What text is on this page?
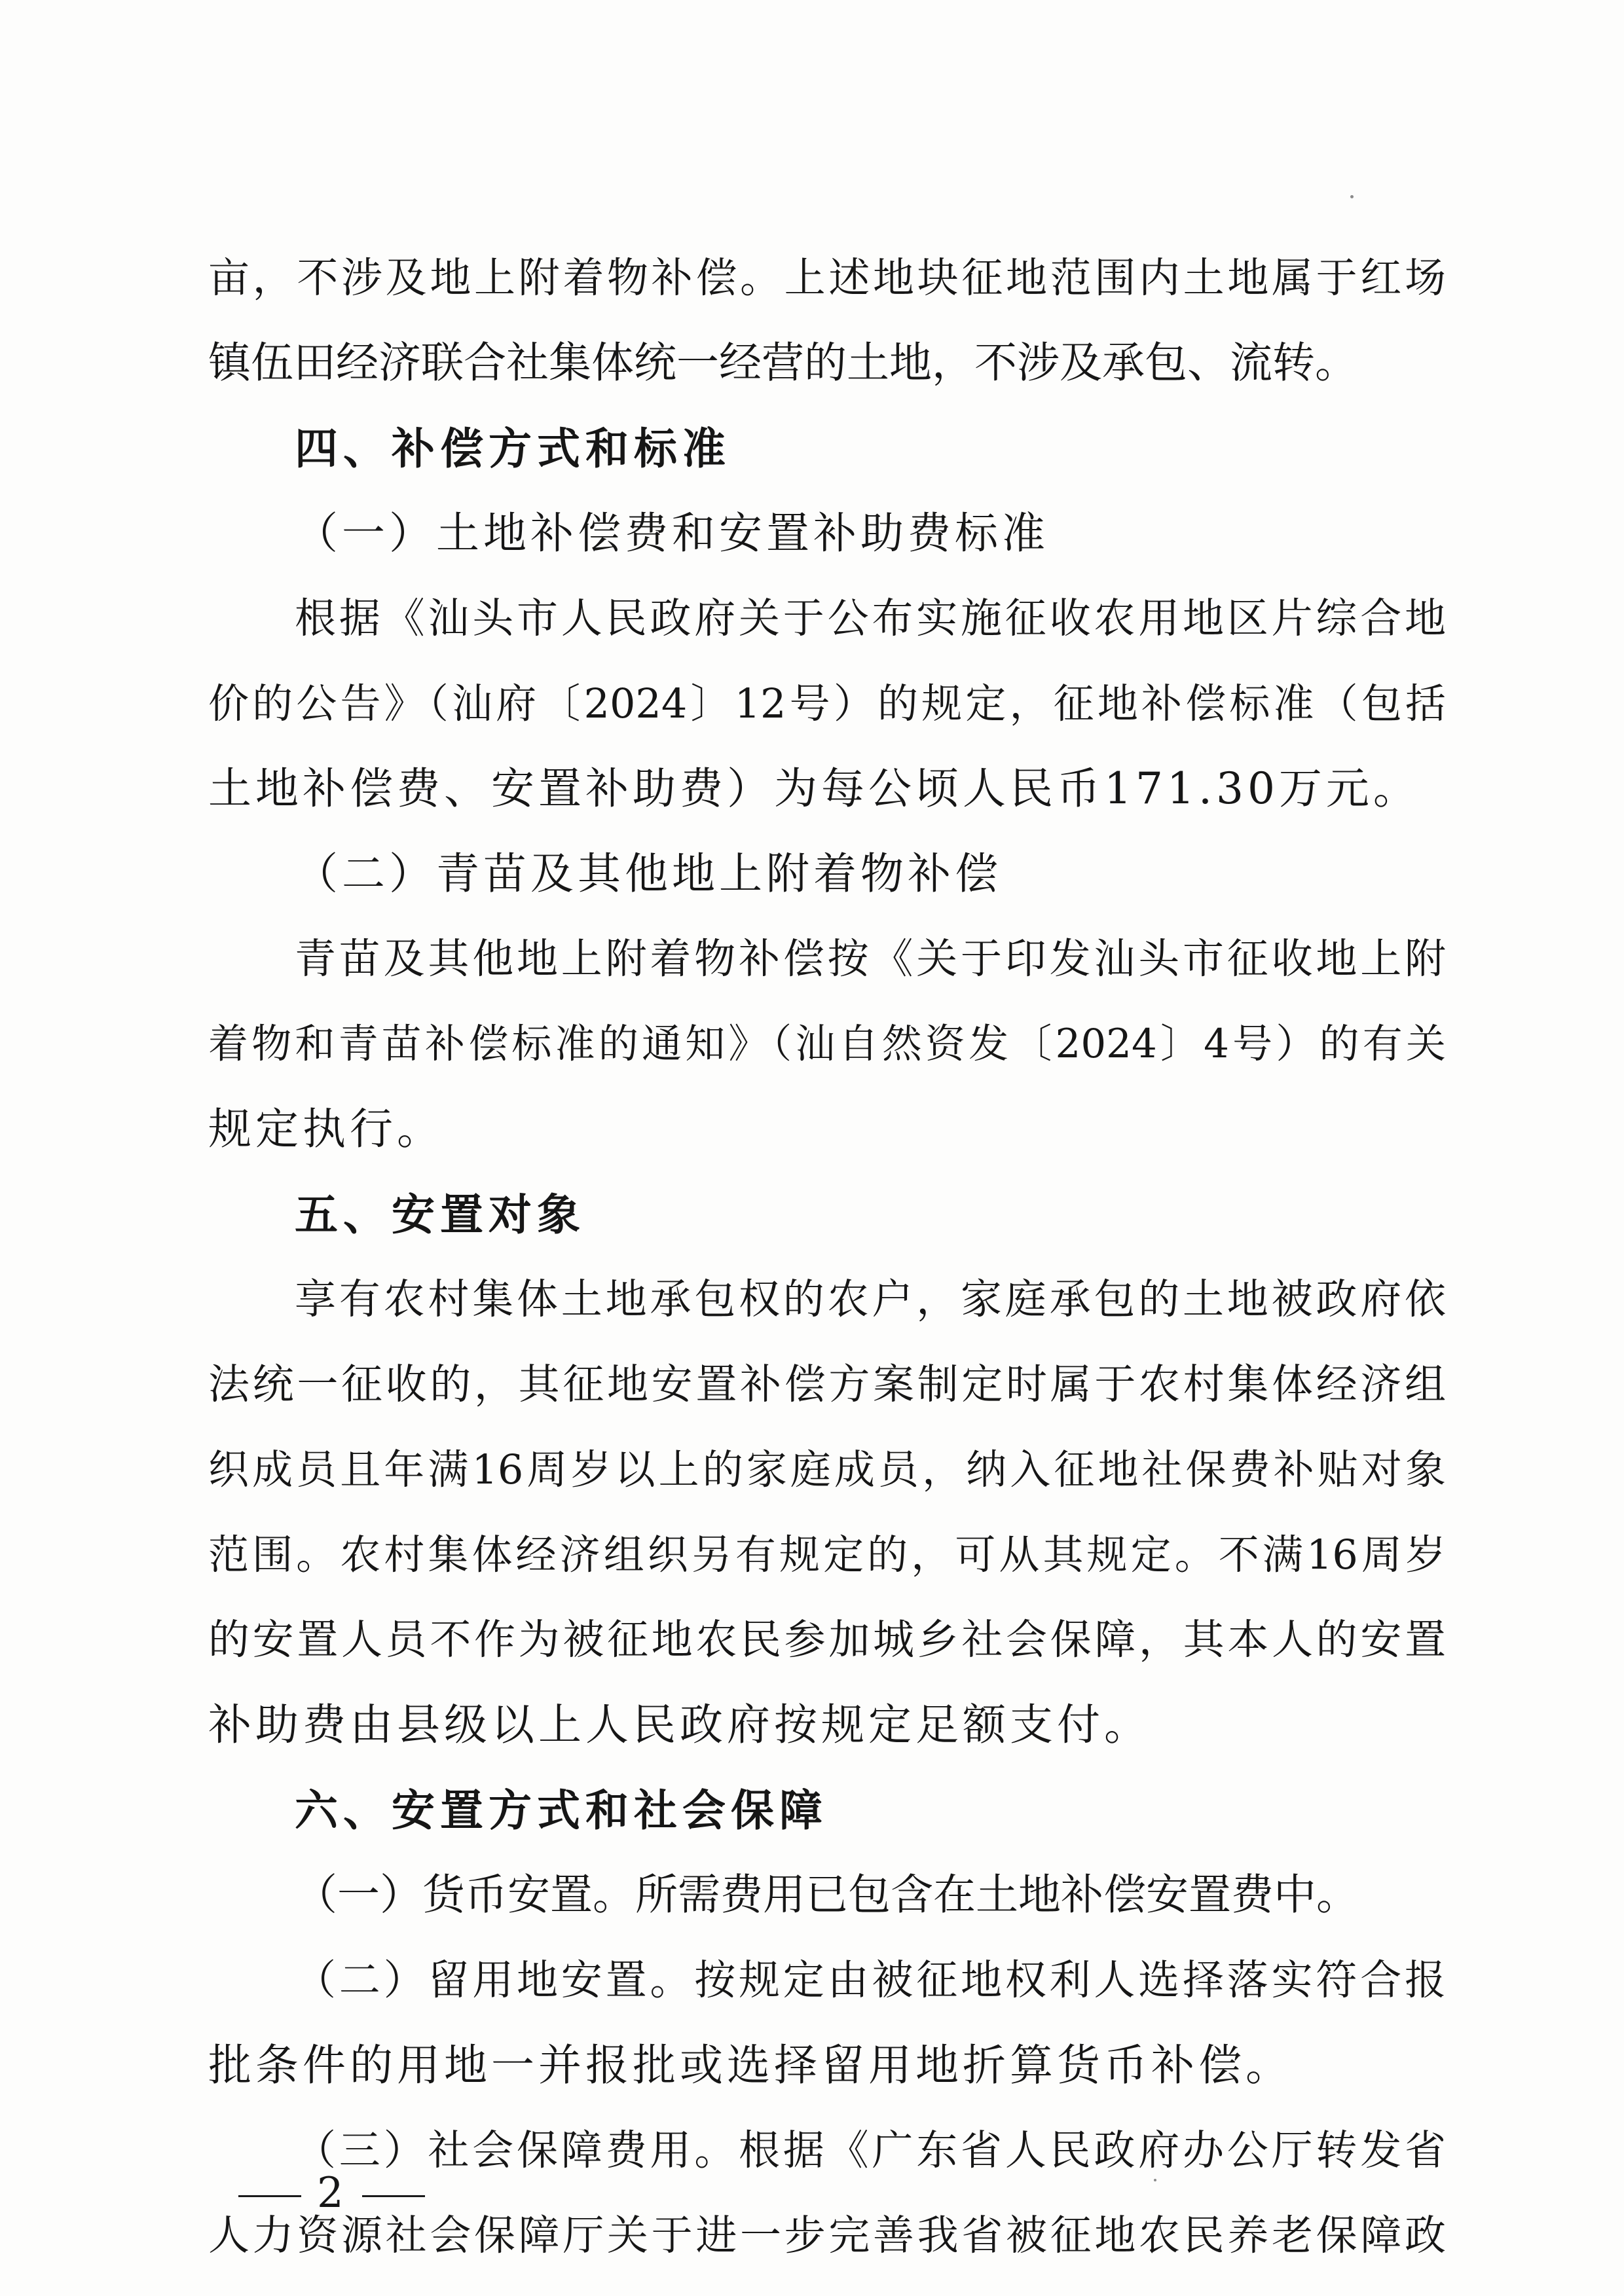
亩，不涉及地上附着物补偿。上述地块征地范围内土地属于红场
镇伍田经济联合社集体统一经营的土地，不涉及承包、流转。
四、补偿方式和标准
（一）土地补偿费和安置补助费标准
根据《汕头市人民政府关于公布实施征收农用地区片综合地
价的公告》（汕府〔2024〕12号）的规定，征地补偿标准（包括
土地补偿费、安置补助费）为每公顷人民币171.30万元。
（二）青苗及其他地上附着物补偿
青苗及其他地上附着物补偿按《关于印发汕头市征收地上附
着物和青苗补偿标准的通知》（汕自然资发〔2024〕4号）的有关
规定执行。
五、安置对象
享有农村集体土地承包权的农户，家庭承包的土地被政府依
法统一征收的，其征地安置补偿方案制定时属于农村集体经济组
织成员且年满16周岁以上的家庭成员，纳入征地社保费补贴对象
范围。农村集体经济组织另有规定的，可从其规定。不满16周岁
的安置人员不作为被征地农民参加城乡社会保障，其本人的安置
补助费由县级以上人民政府按规定足额支付。
六、安置方式和社会保障
（一）货币安置。所需费用已包含在土地补偿安置费中。
（二）留用地安置。按规定由被征地权利人选择落实符合报
批条件的用地一并报批或选择留用地折算货币补偿。
（三）社会保障费用。根据《广东省人民政府办公厅转发省
人力资源社会保障厅关于进一步完善我省被征地农民养老保障政
2
